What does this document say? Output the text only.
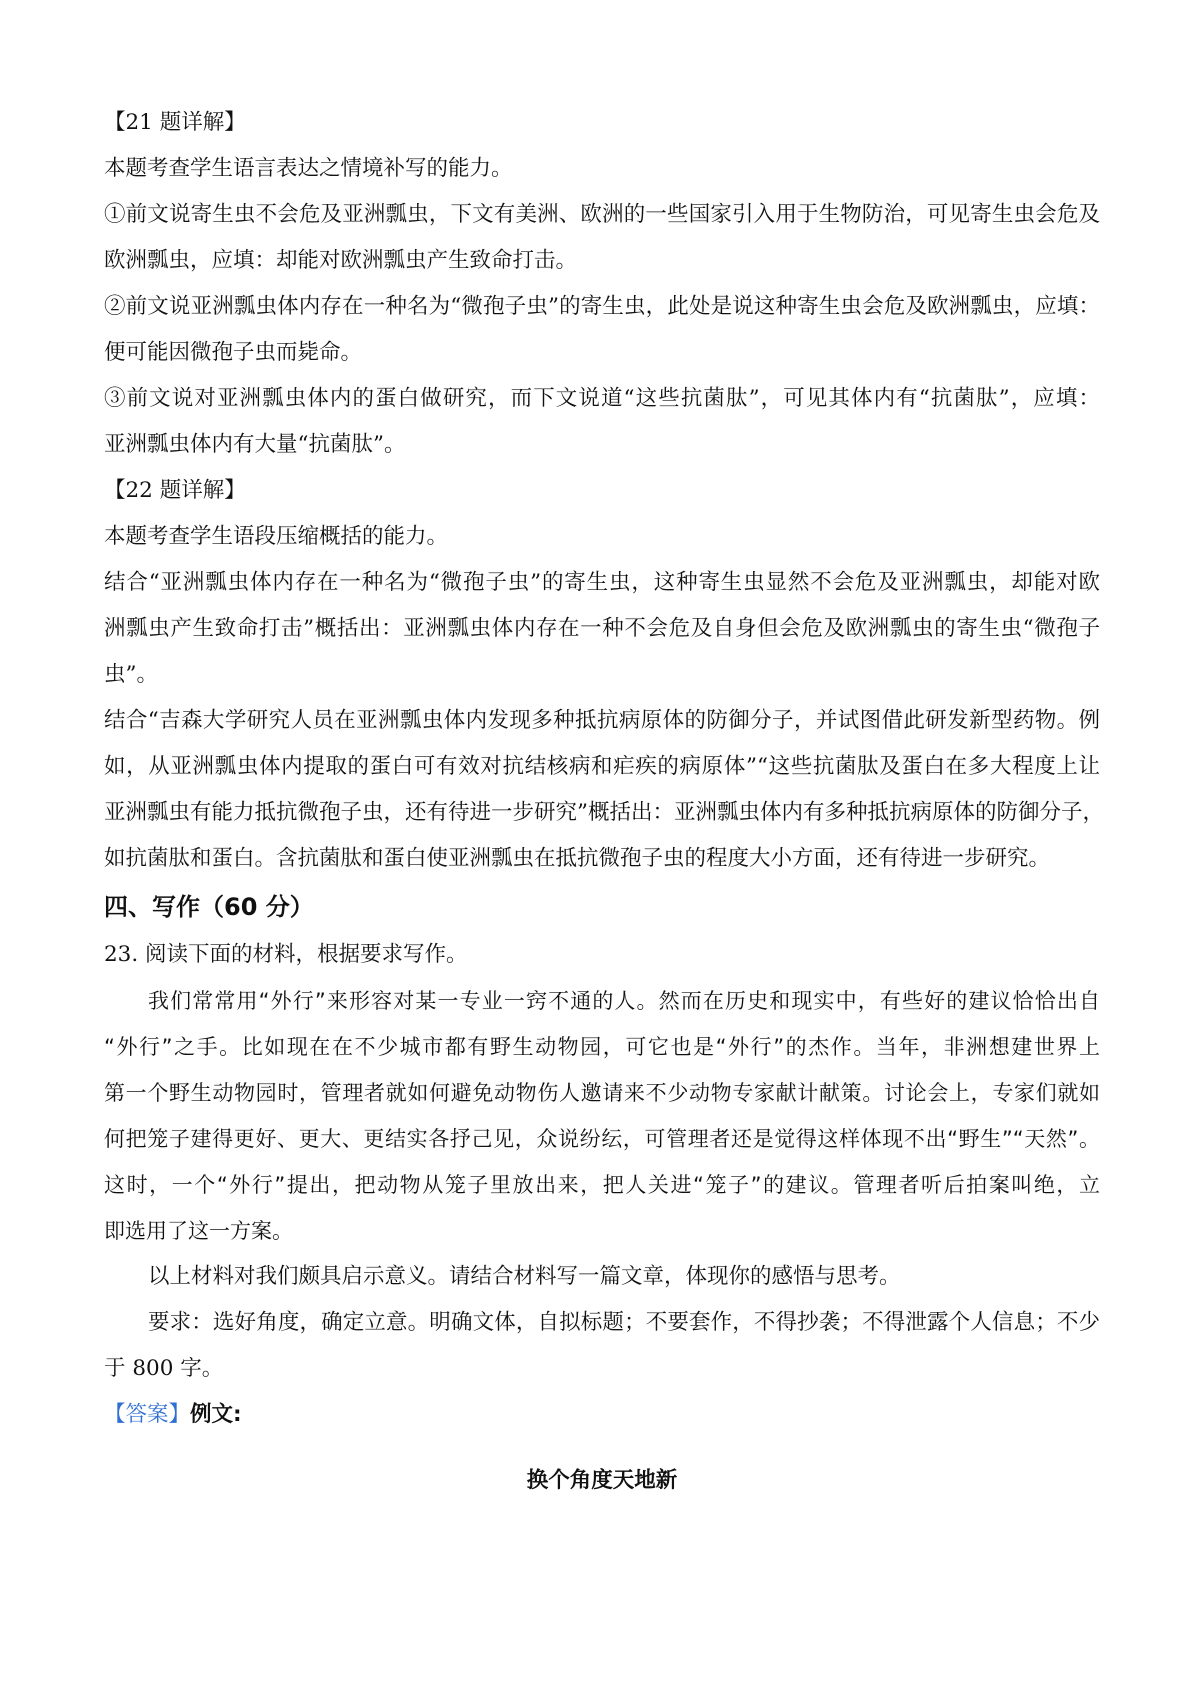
【21 题详解】

本题考查学生语言表达之情境补写的能力。

①前文说寄生虫不会危及亚洲瓢虫，下文有美洲、欧洲的一些国家引入用于生物防治，可见寄生虫会危及

欧洲瓢虫，应填：却能对欧洲瓢虫产生致命打击。

②前文说亚洲瓢虫体内存在一种名为“微孢子虫”的寄生虫，此处是说这种寄生虫会危及欧洲瓢虫，应填：

便可能因微孢子虫而毙命。

③前文说对亚洲瓢虫体内的蛋白做研究，而下文说道“这些抗菌肽”，可见其体内有“抗菌肽”，应填：

亚洲瓢虫体内有大量“抗菌肽”。

【22 题详解】

本题考查学生语段压缩概括的能力。

结合“亚洲瓢虫体内存在一种名为“微孢子虫”的寄生虫，这种寄生虫显然不会危及亚洲瓢虫，却能对欧

洲瓢虫产生致命打击”概括出：亚洲瓢虫体内存在一种不会危及自身但会危及欧洲瓢虫的寄生虫“微孢子

虫”。

结合“吉森大学研究人员在亚洲瓢虫体内发现多种抵抗病原体的防御分子，并试图借此研发新型药物。例

如，从亚洲瓢虫体内提取的蛋白可有效对抗结核病和疟疾的病原体”“这些抗菌肽及蛋白在多大程度上让

亚洲瓢虫有能力抵抗微孢子虫，还有待进一步研究”概括出：亚洲瓢虫体内有多种抵抗病原体的防御分子，

如抗菌肽和蛋白。含抗菌肽和蛋白使亚洲瓢虫在抵抗微孢子虫的程度大小方面，还有待进一步研究。

四、写作（60 分）

23. 阅读下面的材料，根据要求写作。

我们常常用“外行”来形容对某一专业一窍不通的人。然而在历史和现实中，有些好的建议恰恰出自

“外行”之手。比如现在在不少城市都有野生动物园，可它也是“外行”的杰作。当年，非洲想建世界上

第一个野生动物园时，管理者就如何避免动物伤人邀请来不少动物专家献计献策。讨论会上，专家们就如

何把笼子建得更好、更大、更结实各抒己见，众说纷纭，可管理者还是觉得这样体现不出“野生”“天然”。

这时，一个“外行”提出，把动物从笼子里放出来，把人关进“笼子”的建议。管理者听后拍案叫绝，立

即选用了这一方案。

以上材料对我们颇具启示意义。请结合材料写一篇文章，体现你的感悟与思考。

要求：选好角度，确定立意。明确文体，自拟标题；不要套作，不得抄袭；不得泄露个人信息；不少

于 800 字。

【答案】例文:

换个角度天地新
